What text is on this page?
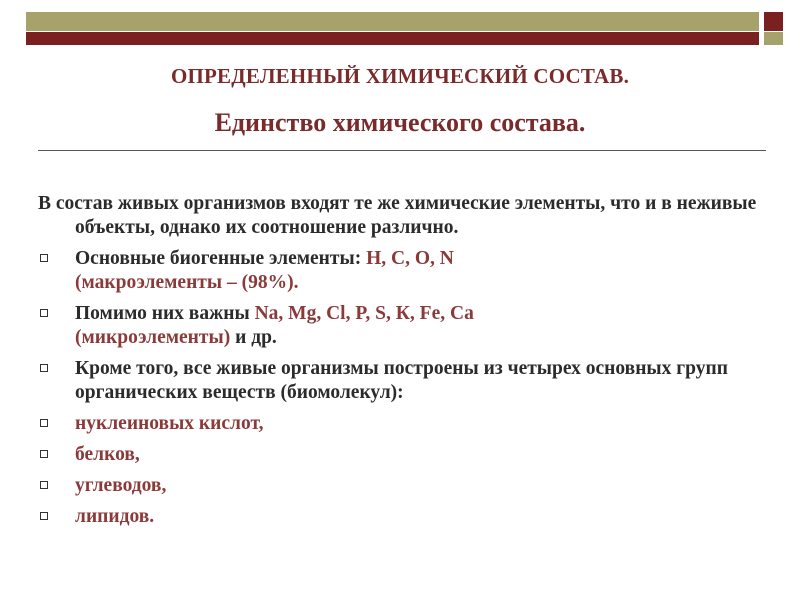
ОПРЕДЕЛЕННЫЙ ХИМИЧЕСКИЙ СОСТАВ.
Единство химического состава.
В состав живых организмов входят те же химические элементы, что и в неживые объекты, однако их соотношение различно.
Основные биогенные элементы: H, C, O, N
(макроэлементы – (98%).
Помимо них важны Na, Mg, Cl, P, S, К, Fe, Ca
(микроэлементы) и др.
Кроме того, все живые организмы построены из четырех основных групп органических веществ (биомолекул):
нуклеиновых кислот,
белков,
углеводов,
липидов.
